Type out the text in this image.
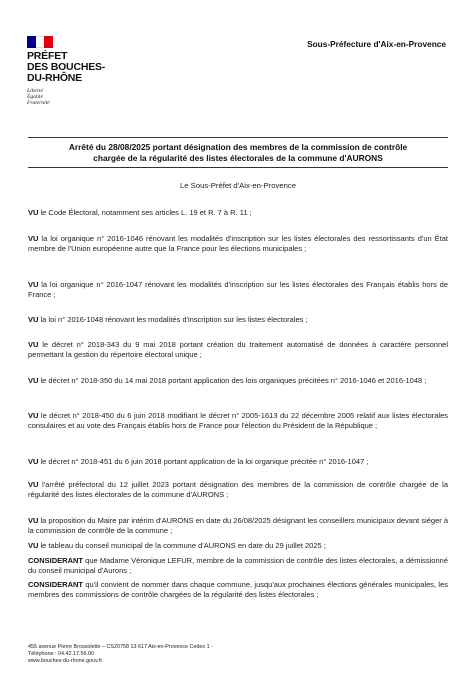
PRÉFET
DES BOUCHES-
DU-RHÔNE
Liberté
Égalité
Fraternité
Sous-Préfecture d'Aix-en-Provence
Arrêté du 28/08/2025 portant désignation des membres de la commission de contrôle
chargée de la régularité des listes électorales de la commune d'AURONS
Le Sous-Préfet d'Aix-en-Provence
VU le Code Électoral, notamment ses articles L. 19 et R. 7 à R. 11 ;
VU la loi organique n° 2016-1046 rénovant les modalités d'inscription sur les listes électorales des ressortissants d'un État membre de l'Union européenne autre que la France pour les élections municipales ;
VU la loi organique n° 2016-1047 rénovant les modalités d'inscription sur les listes électorales des Français établis hors de France ;
VU la loi n° 2016-1048 rénovant les modalités d'inscription sur les listes électorales ;
VU le décret n° 2018-343 du 9 mai 2018 portant création du traitement automatisé de données à caractère personnel permettant la gestion du répertoire électoral unique ;
VU le décret n° 2018-350 du 14 mai 2018 portant application des lois organiques précitées n° 2016-1046 et 2016-1048 ;
VU le décret n° 2018-450 du 6 juin 2018 modifiant le décret n° 2005-1613 du 22 décembre 2005 relatif aux listes électorales consulaires et au vote des Français établis hors de France pour l'élection du Président de la République ;
VU le décret n° 2018-451 du 6 juin 2018 portant application de la loi organique précitée n° 2016-1047 ;
VU l'arrêté préfectoral du 12 juillet 2023 portant désignation des membres de la commission de contrôle chargée de la régularité des listes électorales de la commune d'AURONS ;
VU la proposition du Maire par intérim d'AURONS en date du 26/08/2025 désignant les conseillers municipaux devant siéger à la commission de contrôle de la commune ;
VU le tableau du conseil municipal de la commune d'AURONS en date du 29 juillet 2025 ;
CONSIDERANT que Madame Véronique LEFUR, membre de la commission de contrôle des listes électorales, a démissionné du conseil municipal d'Aurons ;
CONSIDERANT qu'il convient de nommer dans chaque commune, jusqu'aux prochaines élections générales municipales, les membres des commissions de contrôle chargées de la régularité des listes électorales ;
455 avenue Pierre Brossolette – CS20758 13 617 Aix-en-Provence Cedex 1 -
Téléphone : 04.42.17.56.00
www.bouches-du-rhone.gouv.fr
